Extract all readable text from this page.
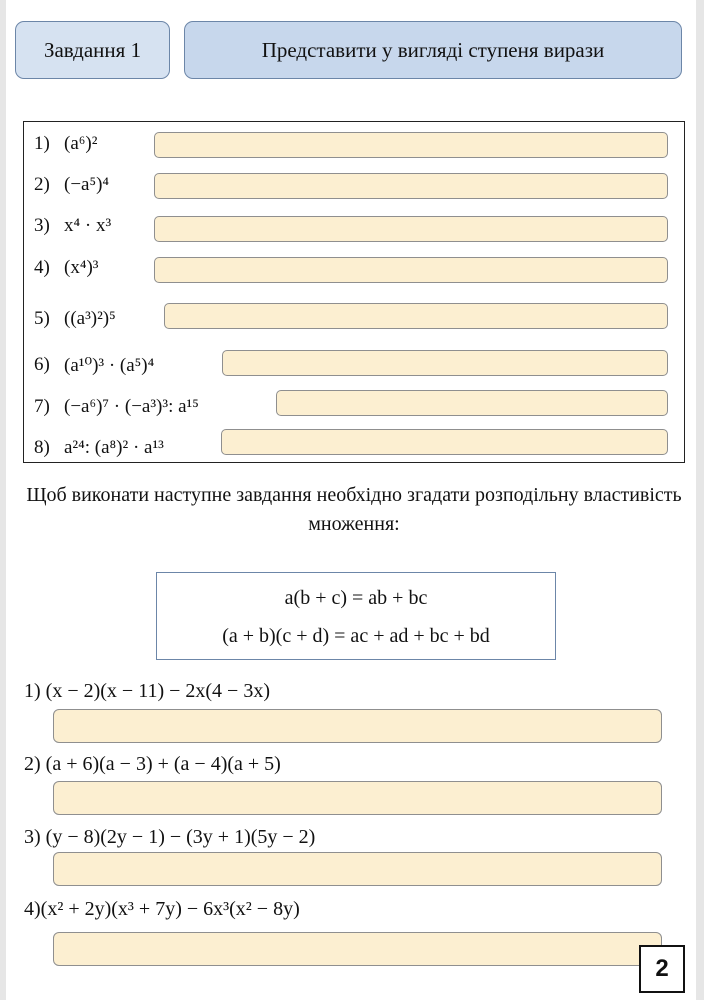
Завдання 1	Представити у вигляді ступеня вирази
1) (a⁶)²
2) (−a⁵)⁴
3) x⁴ · x³
4) (x⁴)³
5) ((a³)²)⁵
6) (a¹⁰)³ · (a⁵)⁴
7) (−a⁶)⁷ · (−a³)³: a¹⁵
8) a²⁴: (a⁸)² · a¹³
Щоб виконати наступне завдання необхідно згадати розподільну властивість множення:
a(b + c) = ab + bc
(a + b)(c + d) = ac + ad + bc + bd
1) (x − 2)(x − 11) − 2x(4 − 3x)
2) (a + 6)(a − 3) + (a − 4)(a + 5)
3) (y − 8)(2y − 1) − (3y + 1)(5y − 2)
4)(x² + 2y)(x³ + 7y) − 6x³(x² − 8y)
2
